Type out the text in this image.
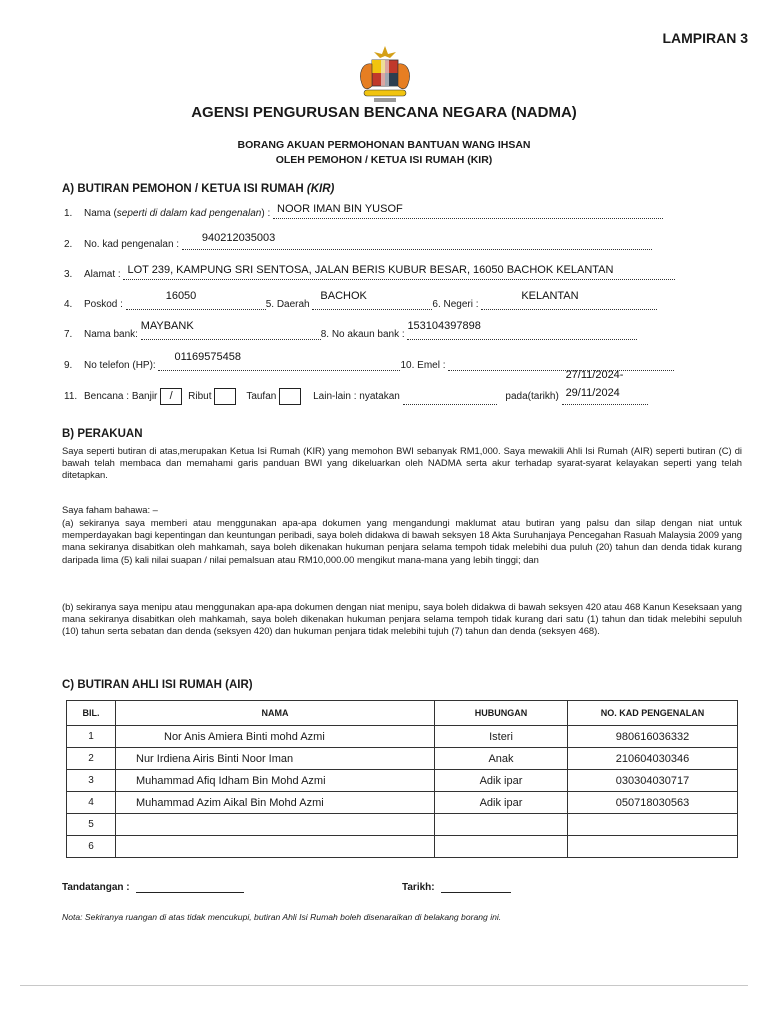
LAMPIRAN 3
AGENSI PENGURUSAN BENCANA NEGARA (NADMA)
BORANG AKUAN PERMOHONAN BANTUAN WANG IHSAN
OLEH PEMOHON / KETUA ISI RUMAH (KIR)
A) BUTIRAN PEMOHON / KETUA ISI RUMAH (KIR)
1. Nama (seperti di dalam kad pengenalan) : NOOR IMAN BIN YUSOF
2. No. kad pengenalan :
940212035003
3. Alamat : LOT 239, KAMPUNG SRI SENTOSA, JALAN BERIS KUBUR BESAR, 16050 BACHOK KELANTAN
4. Poskod :
16050
5. Daerah
BACHOK
6. Negeri :
KELANTAN
7. Nama bank:
MAYBANK
8. No akaun bank :
153104397898
9. No telefon (HP):
01169575458
10. Emel :
11. Bencana : Banjir / Ribut	Taufan	Lain-lain : nyatakan	pada(tarikh)
27/11/2024-
29/11/2024
B) PERAKUAN
Saya seperti butiran di atas,merupakan Ketua Isi Rumah (KIR) yang memohon BWI sebanyak RM1,000. Saya mewakili Ahli Isi Rumah (AIR) seperti butiran (C) di bawah telah membaca dan memahami garis panduan BWI yang dikeluarkan oleh NADMA serta akur terhadap syarat-syarat kelayakan seperti yang telah ditetapkan.
Saya faham bahawa: –
(a) sekiranya saya memberi atau menggunakan apa-apa dokumen yang mengandungi maklumat atau butiran yang palsu dan silap dengan niat untuk memperdayakan bagi kepentingan dan keuntungan peribadi, saya boleh didakwa di bawah seksyen 18 Akta Suruhanjaya Pencegahan Rasuah Malaysia 2009 yang mana sekiranya disabitkan oleh mahkamah, saya boleh dikenakan hukuman penjara selama tempoh tidak melebihi dua puluh (20) tahun dan denda tidak kurang daripada lima (5) kali nilai suapan / nilai pemalsuan atau RM10,000.00 mengikut mana-mana yang lebih tinggi; dan
(b) sekiranya saya menipu atau menggunakan apa-apa dokumen dengan niat menipu, saya boleh didakwa di bawah seksyen 420 atau 468 Kanun Keseksaan yang mana sekiranya disabitkan oleh mahkamah, saya boleh dikenakan hukuman penjara selama tempoh tidak kurang dari satu (1) tahun dan tidak melebihi sepuluh (10) tahun serta sebatan dan denda (seksyen 420) dan hukuman penjara tidak melebihi tujuh (7) tahun dan denda (seksyen 468).
C) BUTIRAN AHLI ISI RUMAH (AIR)
BIL.	NAMA	HUBUNGAN	NO. KAD PENGENALAN
1	Nor Anis Amiera Binti mohd Azmi	Isteri	980616036332
2	Nur Irdiena Airis Binti Noor Iman	Anak	210604030346
3	Muhammad Afiq Idham Bin Mohd Azmi	Adik ipar	030304030717
4	Muhammad Azim Aikal Bin Mohd Azmi	Adik ipar	050718030563
5			
6			
Tandatangan :	Tarikh:
Nota: Sekiranya ruangan di atas tidak mencukupi, butiran Ahli Isi Rumah boleh disenaraikan di belakang borang ini.
